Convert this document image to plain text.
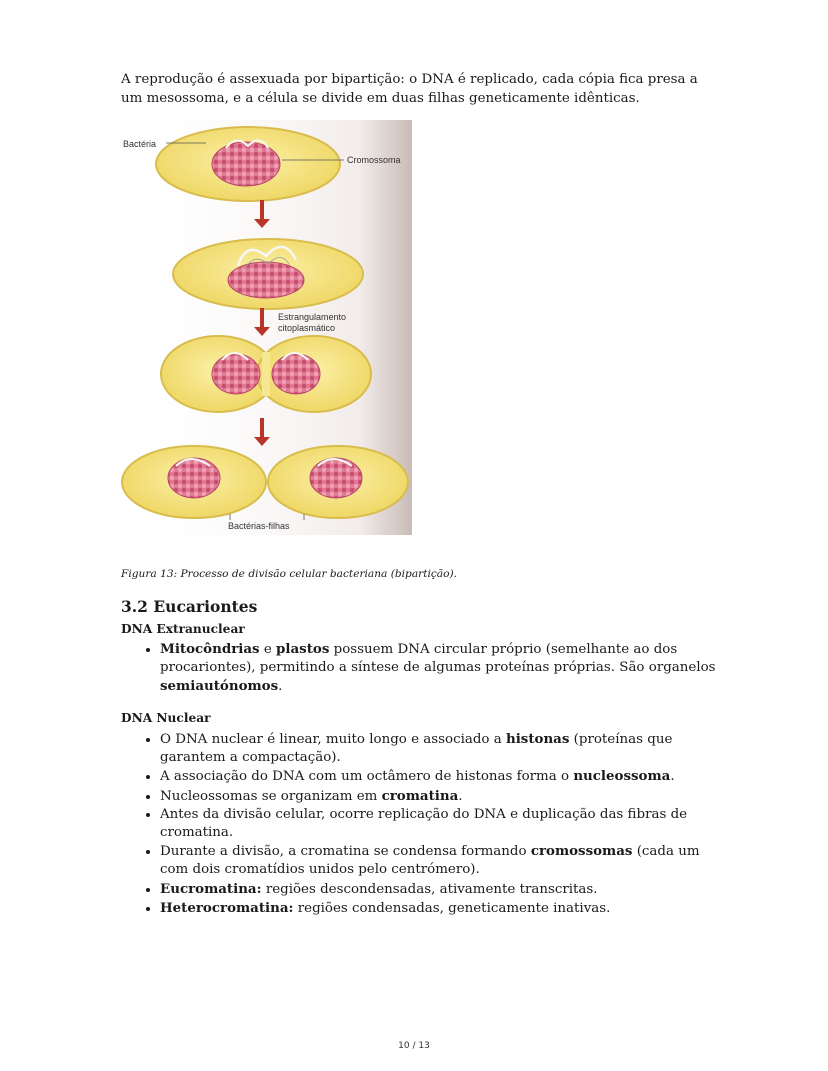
A reprodução é assexuada por bipartição: o DNA é replicado, cada cópia fica presa a um mesossoma, e a célula se divide em duas filhas geneticamente idênticas.

Bactéria
Cromossoma
Estrangulamento
citoplasmático
Bactérias-filhas
Figura 13: Processo de divisão celular bacteriana (bipartição).
3.2 Eucariontes
DNA Extranuclear
• Mitocôndrias e plastos possuem DNA circular próprio (semelhante ao dos procariontes), permitindo a síntese de algumas proteínas próprias. São organelos semiautónomos.
DNA Nuclear
• O DNA nuclear é linear, muito longo e associado a histonas (proteínas que garantem a compactação).
• A associação do DNA com um octâmero de histonas forma o nucleossoma.
• Nucleossomas se organizam em cromatina.
• Antes da divisão celular, ocorre replicação do DNA e duplicação das fibras de cromatina.
• Durante a divisão, a cromatina se condensa formando cromossomas (cada um com dois cromatídios unidos pelo centrómero).
• Eucromatina: regiões descondensadas, ativamente transcritas.
• Heterocromatina: regiões condensadas, geneticamente inativas.
10 / 13
